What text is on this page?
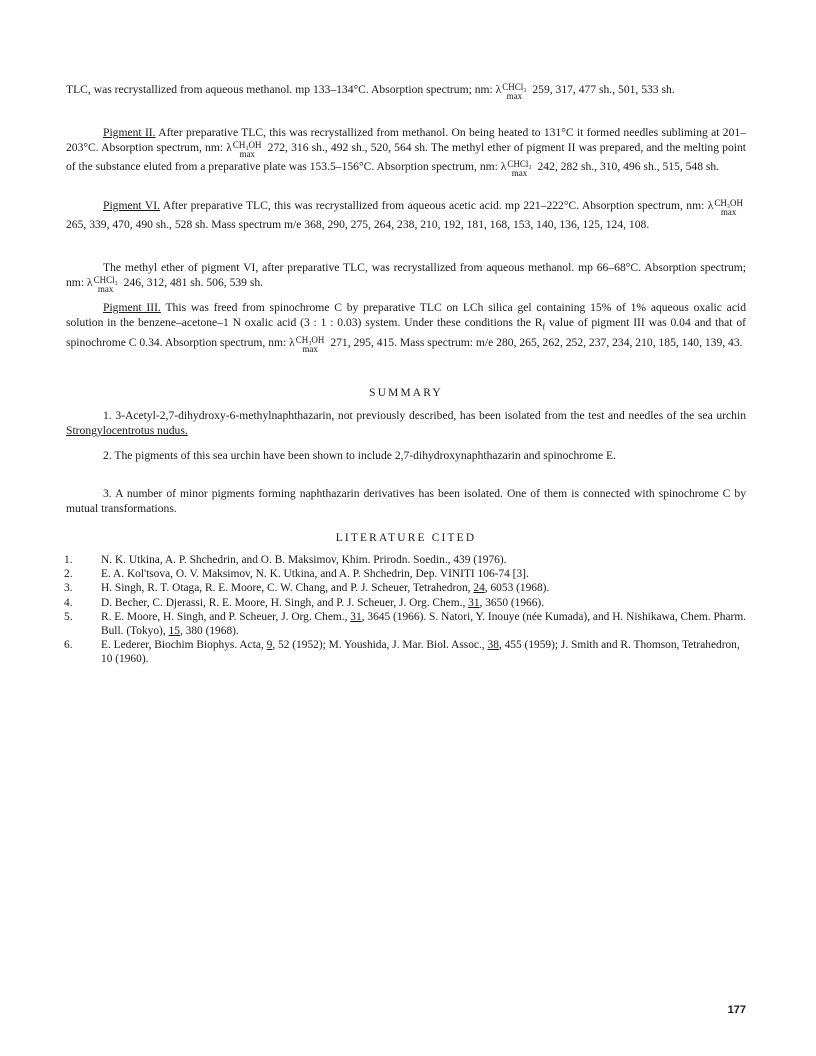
TLC, was recrystallized from aqueous methanol. mp 133–134°C. Absorption spectrum; nm: λ CHCl₃
max 259, 317, 477 sh., 501, 533 sh.

Pigment II. After preparative TLC, this was recrystallized from methanol. On being heated to 131°C it formed needles subliming at 201–203°C. Absorption spectrum, nm: λ CH₃OH
max 272, 316 sh., 492 sh., 520, 564 sh. The methyl ether of pigment II was prepared, and the melting point of the substance eluted from a preparative plate was 153.5–156°C. Absorption spectrum, nm: λ CHCl₃
max 242, 282 sh., 310, 496 sh., 515, 548 sh.

Pigment VI. After preparative TLC, this was recrystallized from aqueous acetic acid. mp 221–222°C. Absorption spectrum, nm: λ CH₃OH
max
265, 339, 470, 490 sh., 528 sh. Mass spectrum m/e 368, 290, 275, 264, 238, 210, 192, 181, 168, 153, 140, 136, 125, 124, 108.

The methyl ether of pigment VI, after preparative TLC, was recrystallized from aqueous methanol. mp 66–68°C. Absorption spectrum; nm: λ CHCl₃
max 246, 312, 481 sh. 506, 539 sh.

Pigment III. This was freed from spinochrome C by preparative TLC on LCh silica gel containing 15% of 1% aqueous oxalic acid solution in the benzene–acetone–1 N oxalic acid (3 : 1 : 0.03) system. Under these conditions the $R_f$ value of pigment III was 0.04 and that of spinochrome C 0.34. Absorption spectrum, nm: λ CH₃OH
max 271, 295, 415. Mass spectrum: m/e 280, 265, 262, 252, 237, 234, 210, 185, 140, 139, 43.

SUMMARY

1. 3-Acetyl-2,7-dihydroxy-6-methylnaphthazarin, not previously described, has been isolated from the test and needles of the sea urchin Strongylocentrotus nudus.

2. The pigments of this sea urchin have been shown to include 2,7-dihydroxynaphthazarin and spinochrome E.

3. A number of minor pigments forming naphthazarin derivatives has been isolated. One of them is connected with spinochrome C by mutual transformations.

LITERATURE CITED
1. N. K. Utkina, A. P. Shchedrin, and O. B. Maksimov, Khim. Prirodn. Soedin., 439 (1976).
2. E. A. Kol'tsova, O. V. Maksimov, N. K. Utkina, and A. P. Shchedrin, Dep. VINITI 106-74 [3].
3. H. Singh, R. T. Otaga, R. E. Moore, C. W. Chang, and P. J. Scheuer, Tetrahedron, 24, 6053 (1968).
4. D. Becher, C. Djerassi, R. E. Moore, H. Singh, and P. J. Scheuer, J. Org. Chem., 31, 3650 (1966).
5. R. E. Moore, H. Singh, and P. Scheuer, J. Org. Chem., 31, 3645 (1966). S. Natori, Y. Inouye (née Kumada), and H. Nishikawa, Chem. Pharm. Bull. (Tokyo), 15, 380 (1968).
6. E. Lederer, Biochim Biophys. Acta, 9, 52 (1952); M. Youshida, J. Mar. Biol. Assoc., 38, 455 (1959); J. Smith and R. Thomson, Tetrahedron, 10 (1960).
177
